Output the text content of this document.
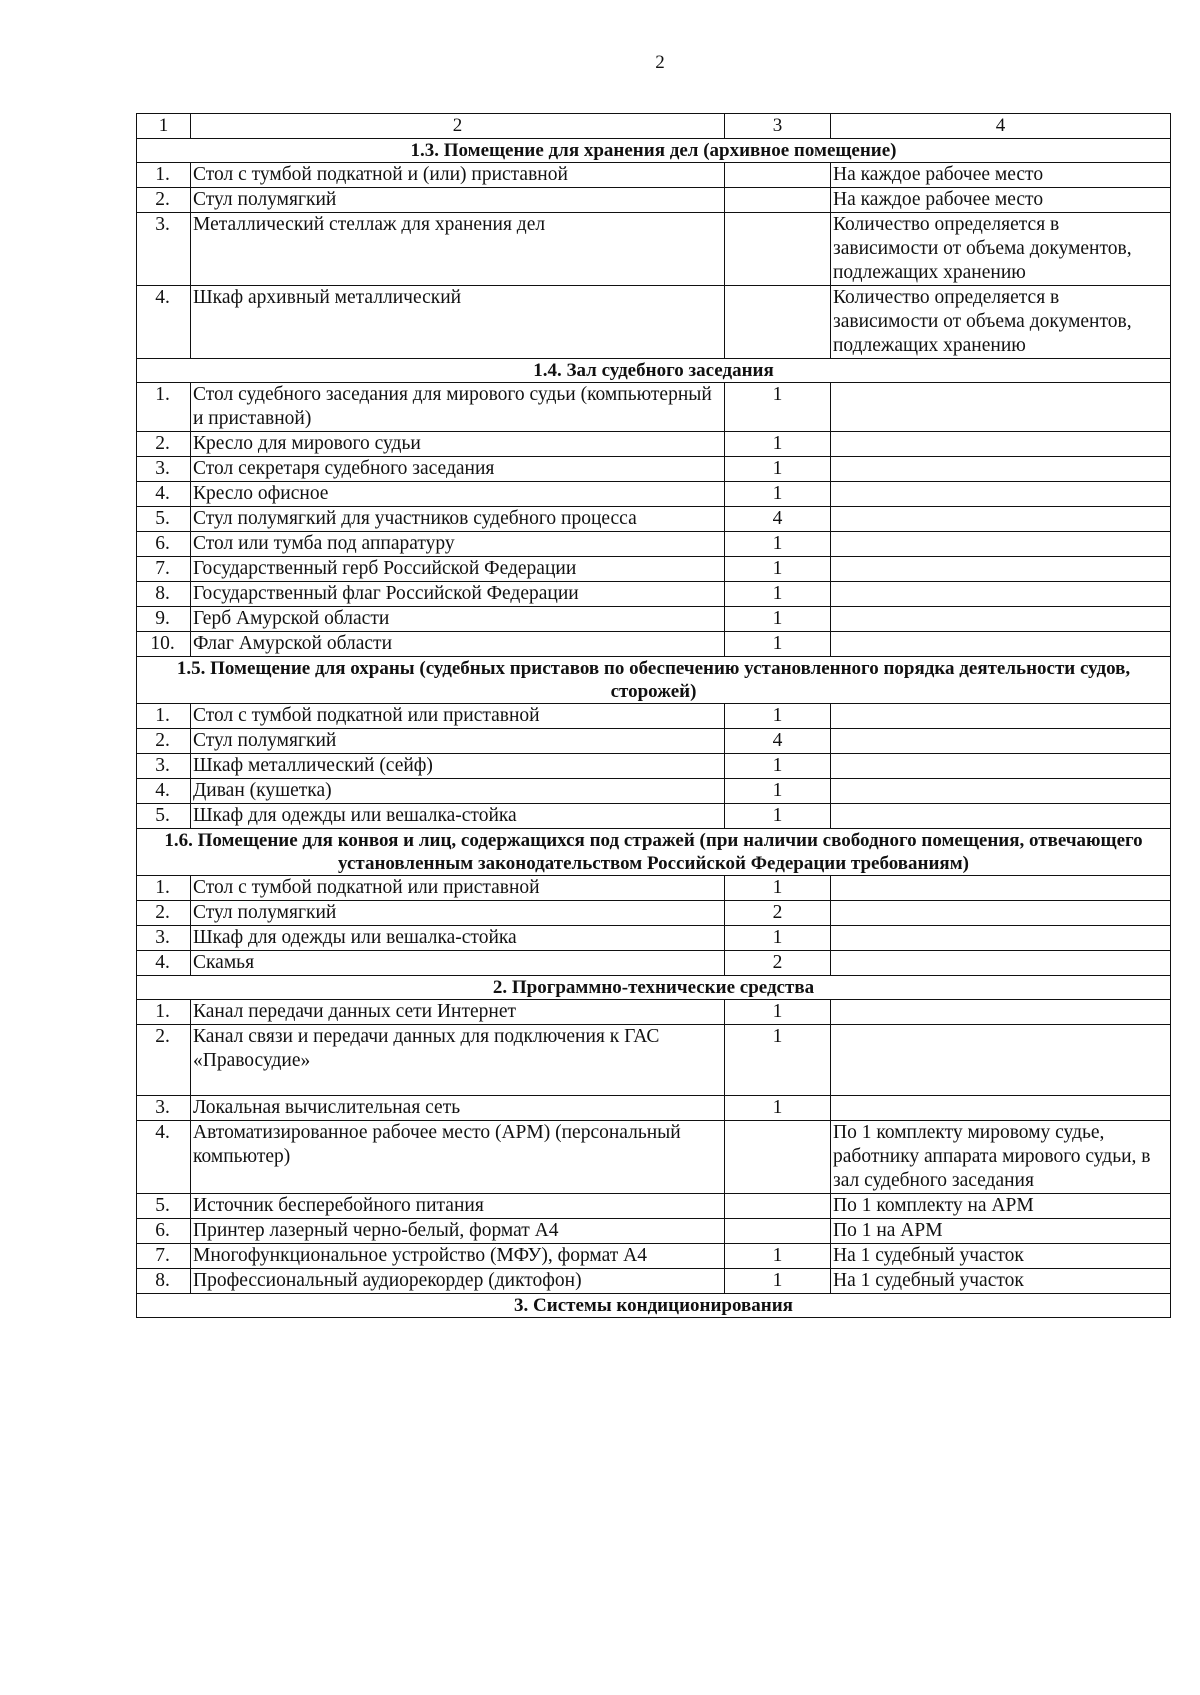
2
1	2	3	4
1.3. Помещение для хранения дел (архивное помещение)			
1.	Стол с тумбой подкатной и (или) приставной		На каждое рабочее место
2.	Стул полумягкий		На каждое рабочее место
3.	Металлический стеллаж для хранения дел		Количество определяется в зависимости от объема документов, подлежащих хранению
4.	Шкаф архивный металлический		Количество определяется в зависимости от объема документов, подлежащих хранению
1.4. Зал судебного заседания			
1.	Стол судебного заседания для мирового судьи (компьютерный и приставной)	1	
2.	Кресло для мирового судьи	1	
3.	Стол секретаря судебного заседания	1	
4.	Кресло офисное	1	
5.	Стул полумягкий для участников судебного процесса	4	
6.	Стол или тумба под аппаратуру	1	
7.	Государственный герб Российской Федерации	1	
8.	Государственный флаг Российской Федерации	1	
9.	Герб Амурской области	1	
10.	Флаг Амурской области	1	
1.5. Помещение для охраны (судебных приставов по обеспечению установленного порядка деятельности судов, сторожей)			
1.	Стол с тумбой подкатной или приставной	1	
2.	Стул полумягкий	4	
3.	Шкаф металлический (сейф)	1	
4.	Диван (кушетка)	1	
5.	Шкаф для одежды или вешалка-стойка	1	
1.6. Помещение для конвоя и лиц, содержащихся под стражей (при наличии свободного помещения, отвечающего установленным законодательством Российской Федерации требованиям)			
1.	Стол с тумбой подкатной или приставной	1	
2.	Стул полумягкий	2	
3.	Шкаф для одежды или вешалка-стойка	1	
4.	Скамья	2	
2. Программно-технические средства			
1.	Канал передачи данных сети Интернет	1	
2.	Канал связи и передачи данных для подключения к ГАС «Правосудие»	1	
3.	Локальная вычислительная сеть	1	
4.	Автоматизированное рабочее место (АРМ) (персональный компьютер)		По 1 комплекту мировому судье, работнику аппарата мирового судьи, в зал судебного заседания
5.	Источник бесперебойного питания		По 1 комплекту на АРМ
6.	Принтер лазерный черно-белый, формат А4		По 1 на АРМ
7.	Многофункциональное устройство (МФУ), формат А4	1	На 1 судебный участок
8.	Профессиональный аудиорекордер (диктофон)	1	На 1 судебный участок
3. Системы кондиционирования			
